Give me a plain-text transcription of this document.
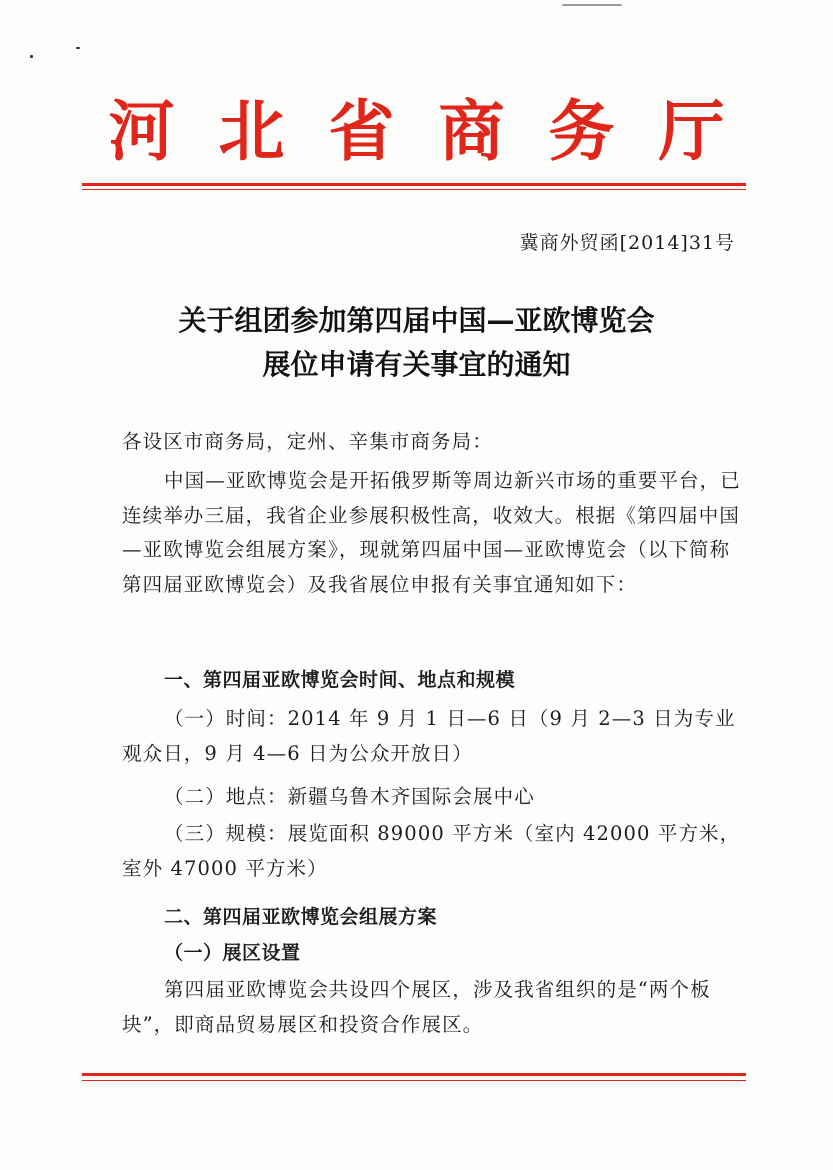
河北省商务厅
冀商外贸函[2014]31号
关于组团参加第四届中国—亚欧博览会
展位申请有关事宜的通知
各设区市商务局，定州、辛集市商务局：
中国—亚欧博览会是开拓俄罗斯等周边新兴市场的重要平台，已连续举办三届，我省企业参展积极性高，收效大。根据《第四届中国—亚欧博览会组展方案》，现就第四届中国—亚欧博览会（以下简称第四届亚欧博览会）及我省展位申报有关事宜通知如下：
一、第四届亚欧博览会时间、地点和规模
（一）时间：2014 年 9 月 1 日—6 日（9 月 2—3 日为专业观众日，9 月 4—6 日为公众开放日）
（二）地点：新疆乌鲁木齐国际会展中心
（三）规模：展览面积 89000 平方米（室内 42000 平方米，室外 47000 平方米）
二、第四届亚欧博览会组展方案
（一）展区设置
第四届亚欧博览会共设四个展区，涉及我省组织的是“两个板块”，即商品贸易展区和投资合作展区。
